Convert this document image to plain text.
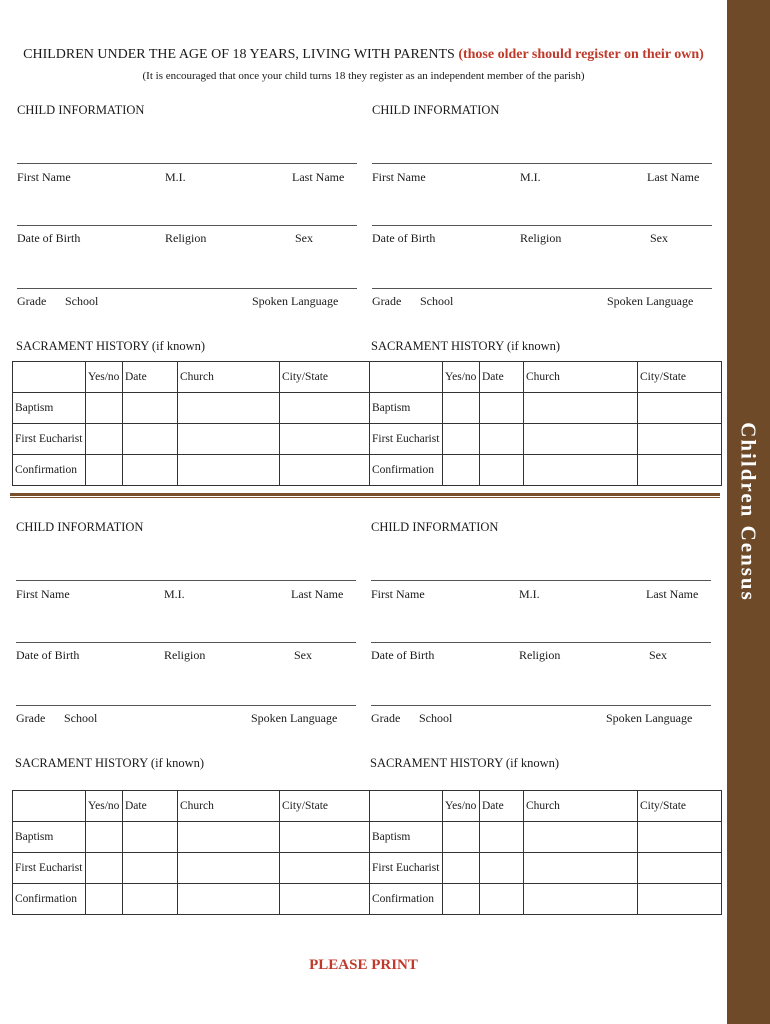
Children Census
CHILDREN UNDER THE AGE OF 18 YEARS, LIVING WITH PARENTS (those older should register on their own)
(It is encouraged that once your child turns 18 they register as an independent member of the parish)
PLEASE PRINT
CHILD INFORMATION
First Name	M.I.	Last Name
Date of Birth	Religion	Sex
Grade School	Spoken Language
SACRAMENT HISTORY (if known)
CHILD INFORMATION
First Name	M.I.	Last Name
Date of Birth	Religion	Sex
Grade School	Spoken Language
SACRAMENT HISTORY (if known)
CHILD INFORMATION
First Name	M.I.	Last Name
Date of Birth	Religion	Sex
Grade School	Spoken Language
SACRAMENT HISTORY (if known)
CHILD INFORMATION
First Name	M.I.	Last Name
Date of Birth	Religion	Sex
Grade School	Spoken Language
SACRAMENT HISTORY (if known)
	Yes/no	Date	Church	City/State		Yes/no	Date	Church	City/State
Baptism					Baptism				
First Eucharist					First Eucharist				
Confirmation					Confirmation				
	Yes/no	Date	Church	City/State		Yes/no	Date	Church	City/State
Baptism					Baptism				
First Eucharist					First Eucharist				
Confirmation					Confirmation				
